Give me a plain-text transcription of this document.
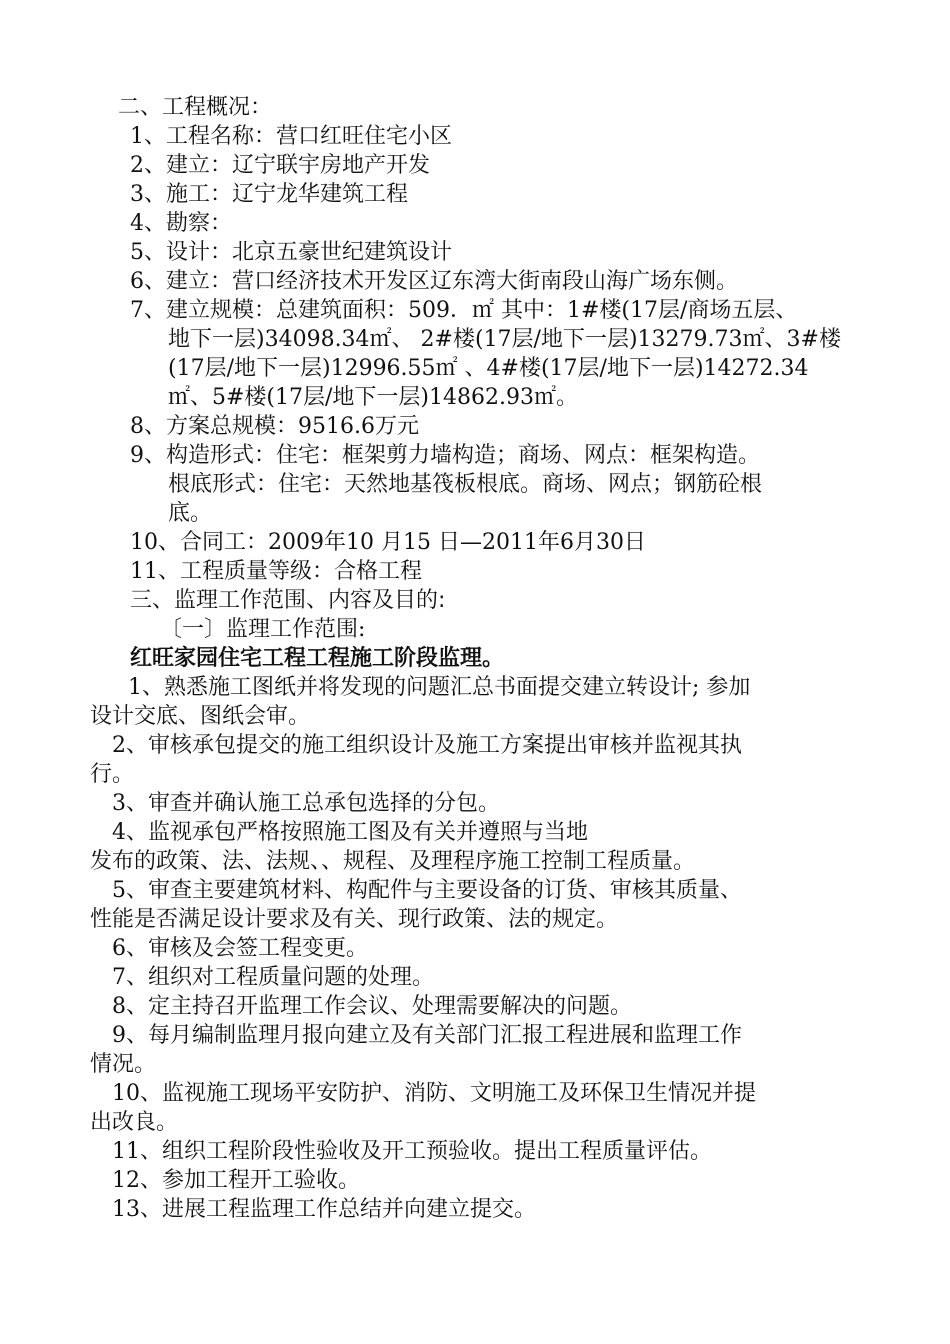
二、工程概况：
1、工程名称：营口红旺住宅小区
2、建立：辽宁联宇房地产开发
3、施工：辽宁龙华建筑工程
4、勘察：
5、设计：北京五豪世纪建筑设计
6、建立：营口经济技术开发区辽东湾大街南段山海广场东侧。
7、建立规模：总建筑面积：509．㎡ 其中：1#楼(17层/商场五层、
地下一层)34098.34㎡、 2#楼(17层/地下一层)13279.73㎡、3#楼
(17层/地下一层)12996.55㎡ 、4#楼(17层/地下一层)14272.34
㎡、5#楼(17层/地下一层)14862.93㎡。
8、方案总规模：9516.6万元
9、构造形式：住宅：框架剪力墙构造；商场、网点：框架构造。
根底形式：住宅：天然地基筏板根底。商场、网点；钢筋砼根
底。
10、合同工：2009年10 月15 日—2011年6月30日
11、工程质量等级：合格工程
三、监理工作范围、内容及目的:
〔一〕监理工作范围:
红旺家园住宅工程工程施工阶段监理。
1、熟悉施工图纸并将发现的问题汇总书面提交建立转设计; 参加
设计交底、图纸会审。
2、审核承包提交的施工组织设计及施工方案提出审核并监视其执
行。
3、审查并确认施工总承包选择的分包。
4、监视承包严格按照施工图及有关并遵照与当地
发布的政策、法、法规、、规程、及理程序施工控制工程质量。
5、审查主要建筑材料、构配件与主要设备的订货、审核其质量、
性能是否满足设计要求及有关、现行政策、法的规定。
6、审核及会签工程变更。
7、组织对工程质量问题的处理。
8、定主持召开监理工作会议、处理需要解决的问题。
9、每月编制监理月报向建立及有关部门汇报工程进展和监理工作
情况。
10、监视施工现场平安防护、消防、文明施工及环保卫生情况并提
出改良。
11、组织工程阶段性验收及开工预验收。提出工程质量评估。
12、参加工程开工验收。
13、进展工程监理工作总结并向建立提交。
